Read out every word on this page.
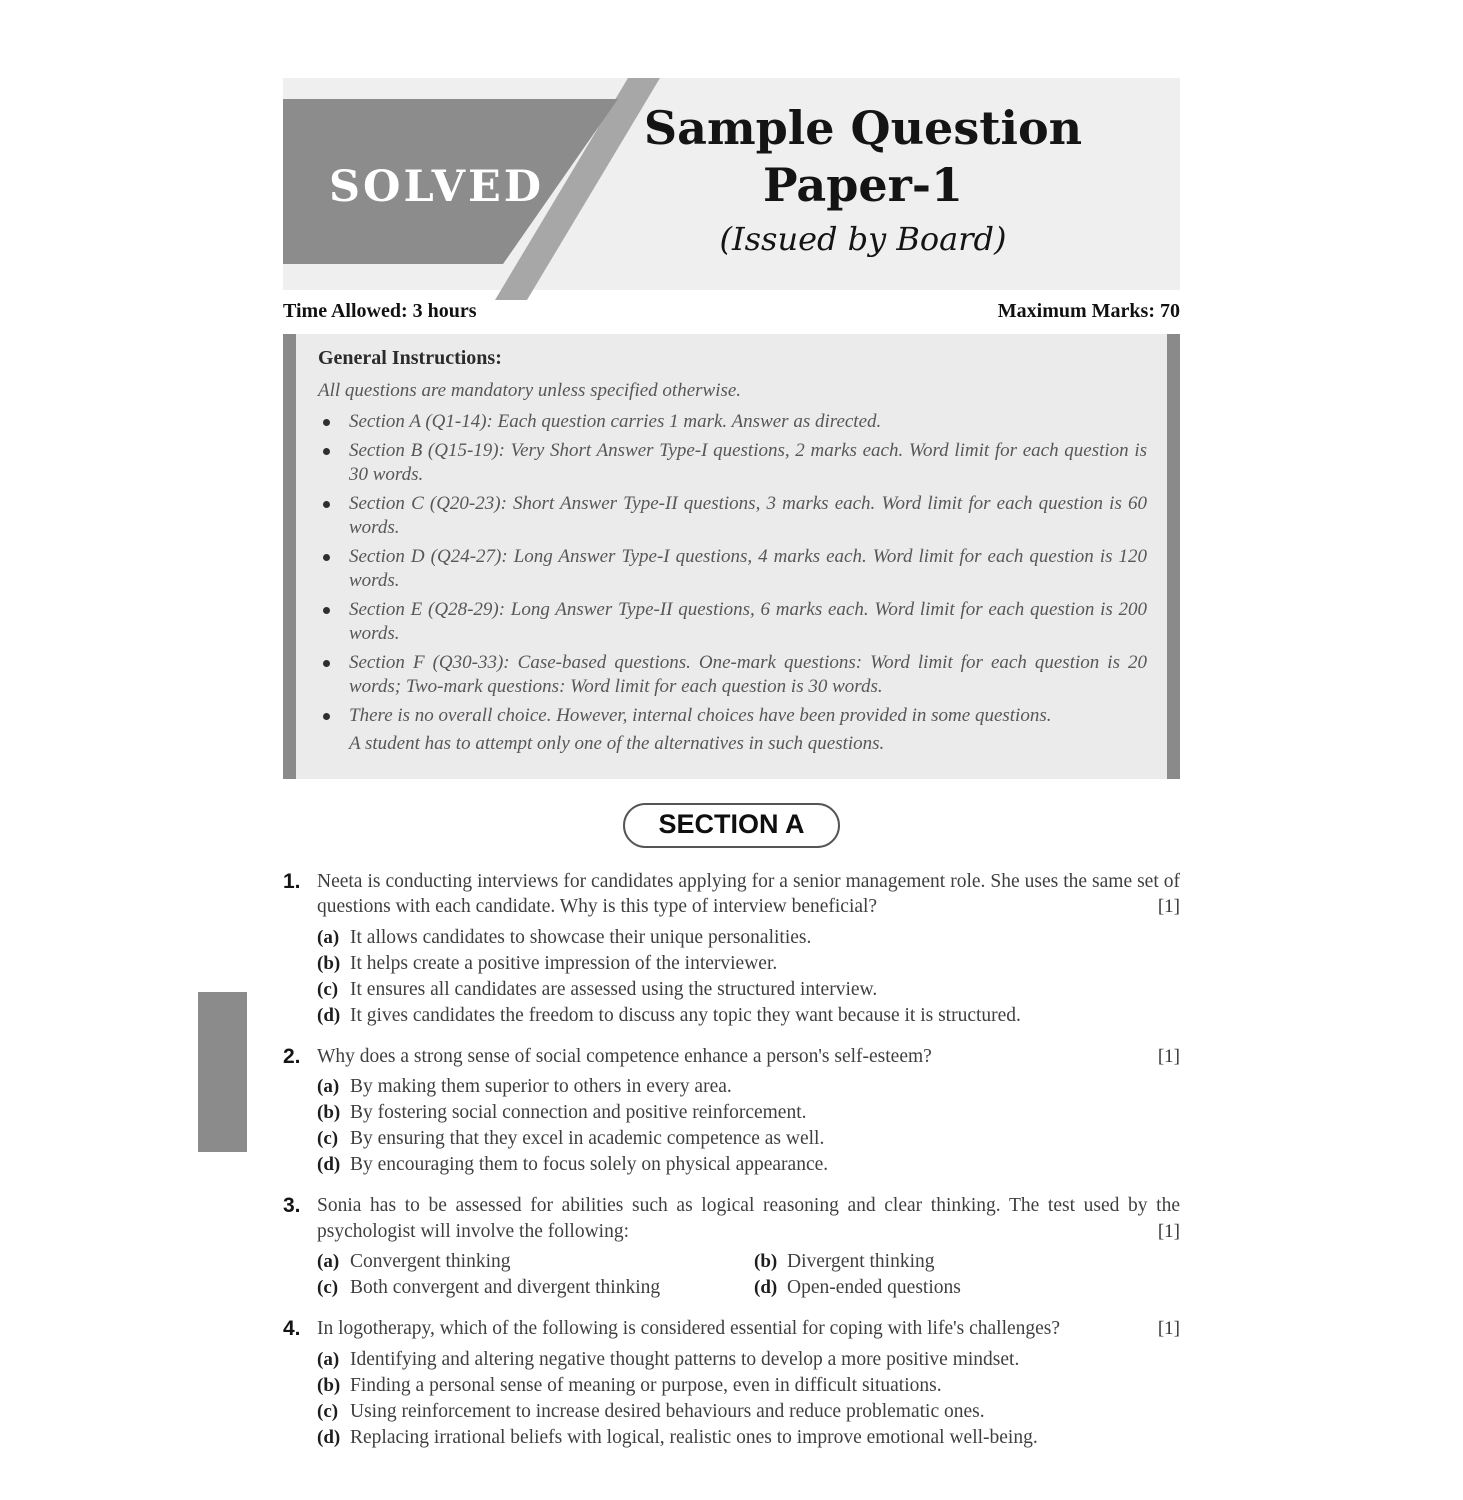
SOLVED
Sample Question
Paper-1
(Issued by Board)
Time Allowed: 3 hours	Maximum Marks: 70
General Instructions:
All questions are mandatory unless specified otherwise.
Section A (Q1-14): Each question carries 1 mark. Answer as directed.
Section B (Q15-19): Very Short Answer Type-I questions, 2 marks each. Word limit for each question is 30 words.
Section C (Q20-23): Short Answer Type-II questions, 3 marks each. Word limit for each question is 60 words.
Section D (Q24-27): Long Answer Type-I questions, 4 marks each. Word limit for each question is 120 words.
Section E (Q28-29): Long Answer Type-II questions, 6 marks each. Word limit for each question is 200 words.
Section F (Q30-33): Case-based questions. One-mark questions: Word limit for each question is 20 words; Two-mark questions: Word limit for each question is 30 words.
There is no overall choice. However, internal choices have been provided in some questions.
A student has to attempt only one of the alternatives in such questions.
SECTION A
1. Neeta is conducting interviews for candidates applying for a senior management role. She uses the same set of questions with each candidate. Why is this type of interview beneficial?	[1]
(a) It allows candidates to showcase their unique personalities.
(b) It helps create a positive impression of the interviewer.
(c) It ensures all candidates are assessed using the structured interview.
(d) It gives candidates the freedom to discuss any topic they want because it is structured.
2. Why does a strong sense of social competence enhance a person's self-esteem?	[1]
(a) By making them superior to others in every area.
(b) By fostering social connection and positive reinforcement.
(c) By ensuring that they excel in academic competence as well.
(d) By encouraging them to focus solely on physical appearance.
3. Sonia has to be assessed for abilities such as logical reasoning and clear thinking. The test used by the psychologist will involve the following:	[1]
(a) Convergent thinking	(b) Divergent thinking
(c) Both convergent and divergent thinking	(d) Open-ended questions
4. In logotherapy, which of the following is considered essential for coping with life's challenges?	[1]
(a) Identifying and altering negative thought patterns to develop a more positive mindset.
(b) Finding a personal sense of meaning or purpose, even in difficult situations.
(c) Using reinforcement to increase desired behaviours and reduce problematic ones.
(d) Replacing irrational beliefs with logical, realistic ones to improve emotional well-being.
